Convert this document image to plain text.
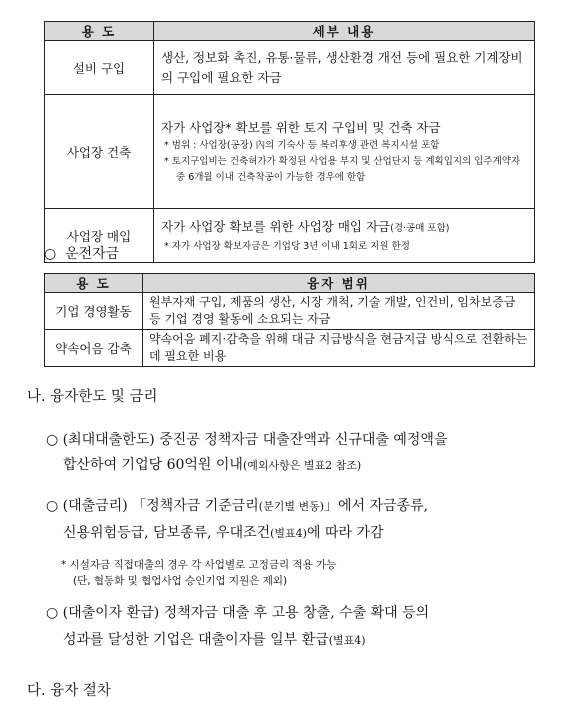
용 도	세부 내용
설비 구입	생산, 정보화 촉진, 유통·물류, 생산환경 개선 등에 필요한 기계장비의 구입에 필요한 자금
사업장 건축	자가 사업장* 확보를 위한 토지 구입비 및 건축 자금
* 범위 : 사업장(공장) 內의 기숙사 등 복리후생 관련 복지시설 포함
* 토지구입비는 건축허가가 확정된 사업용 부지 및 산업단지 등 계획입지의 입주계약자 중 6개월 이내 건축착공이 가능한 경우에 한함

사업장 매입	자가 사업장 확보를 위한 사업장 매입 자금(경·공매 포함)
* 자가 사업장 확보자금은 기업당 3년 이내 1회로 지원 한정
○ 운전자금
용 도	융자 범위
기업 경영활동	원부자재 구입, 제품의 생산, 시장 개척, 기술 개발, 인건비, 임차보증금 등 기업 경영 활동에 소요되는 자금
약속어음 감축	약속어음 폐지·감축을 위해 대금 지급방식을 현금지급 방식으로 전환하는데 필요한 비용
나. 융자한도 및 금리
○ (최대대출한도) 중진공 정책자금 대출잔액과 신규대출 예정액을
합산하여 기업당 60억원 이내(예외사항은 별표2 참조)
○ (대출금리) 「정책자금 기준금리(분기별 변동)」에서 자금종류,
신용위험등급, 담보종류, 우대조건(별표4)에 따라 가감
* 시설자금 직접대출의 경우 각 사업별로 고정금리 적용 가능
(단, 협동화 및 협업사업 승인기업 지원은 제외)
○ (대출이자 환급) 정책자금 대출 후 고용 창출, 수출 확대 등의
성과를 달성한 기업은 대출이자를 일부 환급(별표4)
다. 융자 절차
